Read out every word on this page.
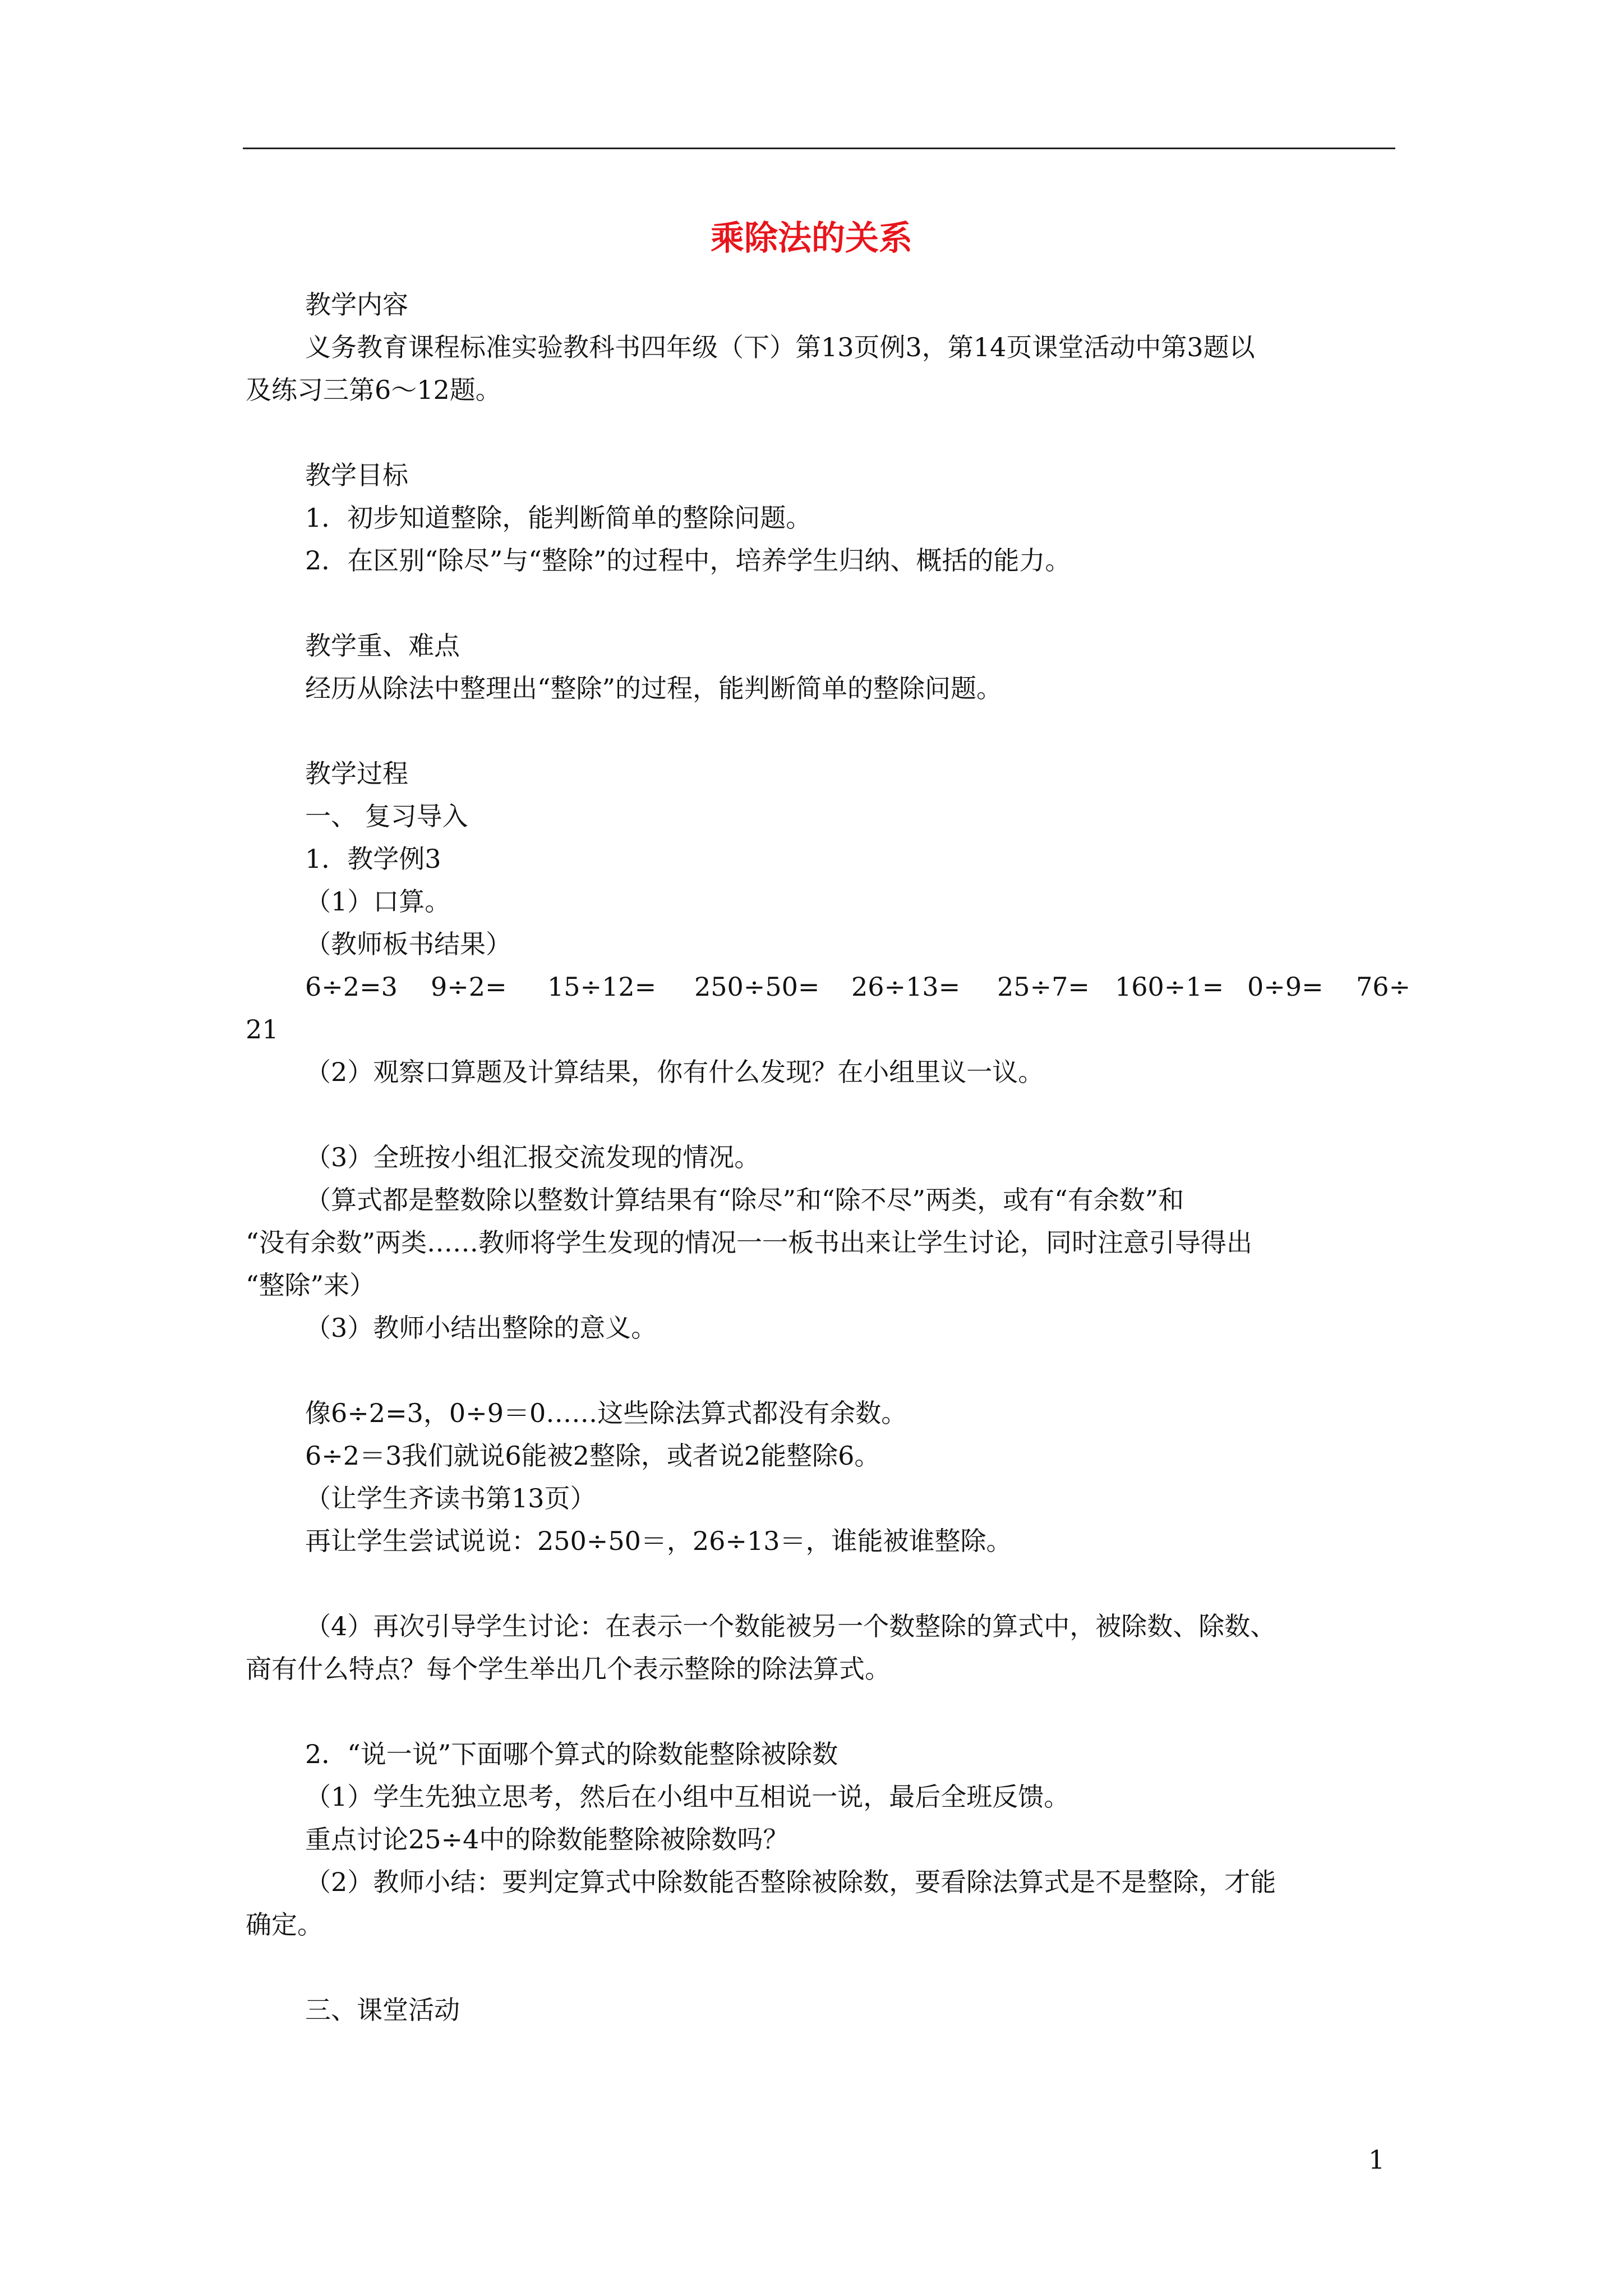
乘除法的关系
教学内容
义务教育课程标准实验教科书四年级（下）第13页例3，第14页课堂活动中第3题以
及练习三第6～12题。
教学目标
1．初步知道整除，能判断简单的整除问题。
2．在区别“除尽”与“整除”的过程中，培养学生归纳、概括的能力。
教学重、难点
经历从除法中整理出“整除”的过程，能判断简单的整除问题。
教学过程
一、 复习导入
1．教学例3
（1）口算。
（教师板书结果）
6÷2=3 9÷2= 15÷12= 250÷50= 26÷13= 25÷7= 160÷1= 0÷9= 76÷
21
（2）观察口算题及计算结果，你有什么发现？在小组里议一议。
（3）全班按小组汇报交流发现的情况。
（算式都是整数除以整数计算结果有“除尽”和“除不尽”两类，或有“有余数”和
“没有余数”两类……教师将学生发现的情况一一板书出来让学生讨论，同时注意引导得出
“整除”来）
（3）教师小结出整除的意义。
像6÷2=3，0÷9＝0……这些除法算式都没有余数。
6÷2＝3我们就说6能被2整除，或者说2能整除6。
（让学生齐读书第13页）
再让学生尝试说说：250÷50＝，26÷13＝，谁能被谁整除。
（4）再次引导学生讨论：在表示一个数能被另一个数整除的算式中，被除数、除数、
商有什么特点？每个学生举出几个表示整除的除法算式。
2．“说一说”下面哪个算式的除数能整除被除数
（1）学生先独立思考，然后在小组中互相说一说，最后全班反馈。
重点讨论25÷4中的除数能整除被除数吗？
（2）教师小结：要判定算式中除数能否整除被除数，要看除法算式是不是整除，才能
确定。
三、课堂活动
1
